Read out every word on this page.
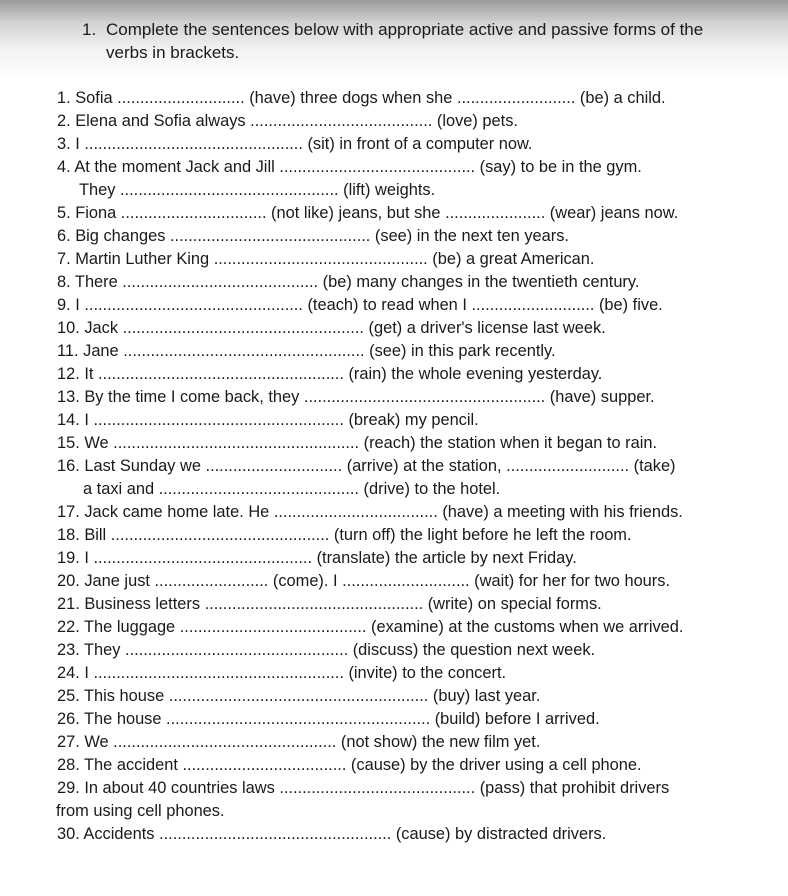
1. Complete the sentences below with appropriate active and passive forms of the verbs in brackets.
1. Sofia ............................ (have) three dogs when she .......................... (be) a child.
2. Elena and Sofia always ........................................ (love) pets.
3. I ................................................ (sit) in front of a computer now.
4. At the moment Jack and Jill ........................................... (say) to be in the gym.
They ................................................ (lift) weights.
5. Fiona ................................ (not like) jeans, but she ...................... (wear) jeans now.
6. Big changes ............................................ (see) in the next ten years.
7. Martin Luther King ............................................... (be) a great American.
8. There ........................................... (be) many changes in the twentieth century.
9. I ................................................ (teach) to read when I ........................... (be) five.
10. Jack ..................................................... (get) a driver's license last week.
11. Jane ..................................................... (see) in this park recently.
12. It ...................................................... (rain) the whole evening yesterday.
13. By the time I come back, they ..................................................... (have) supper.
14. I ....................................................... (break) my pencil.
15. We ...................................................... (reach) the station when it began to rain.
16. Last Sunday we .............................. (arrive) at the station, ........................... (take)
a taxi and ............................................ (drive) to the hotel.
17. Jack came home late. He .................................... (have) a meeting with his friends.
18. Bill ................................................ (turn off) the light before he left the room.
19. I ................................................ (translate) the article by next Friday.
20. Jane just ......................... (come). I ............................ (wait) for her for two hours.
21. Business letters ................................................ (write) on special forms.
22. The luggage ......................................... (examine) at the customs when we arrived.
23. They ................................................. (discuss) the question next week.
24. I ....................................................... (invite) to the concert.
25. This house ......................................................... (buy) last year.
26. The house .......................................................... (build) before I arrived.
27. We ................................................. (not show) the new film yet.
28. The accident .................................... (cause) by the driver using a cell phone.
29. In about 40 countries laws ........................................... (pass) that prohibit drivers
from using cell phones.
30. Accidents ................................................... (cause) by distracted drivers.
